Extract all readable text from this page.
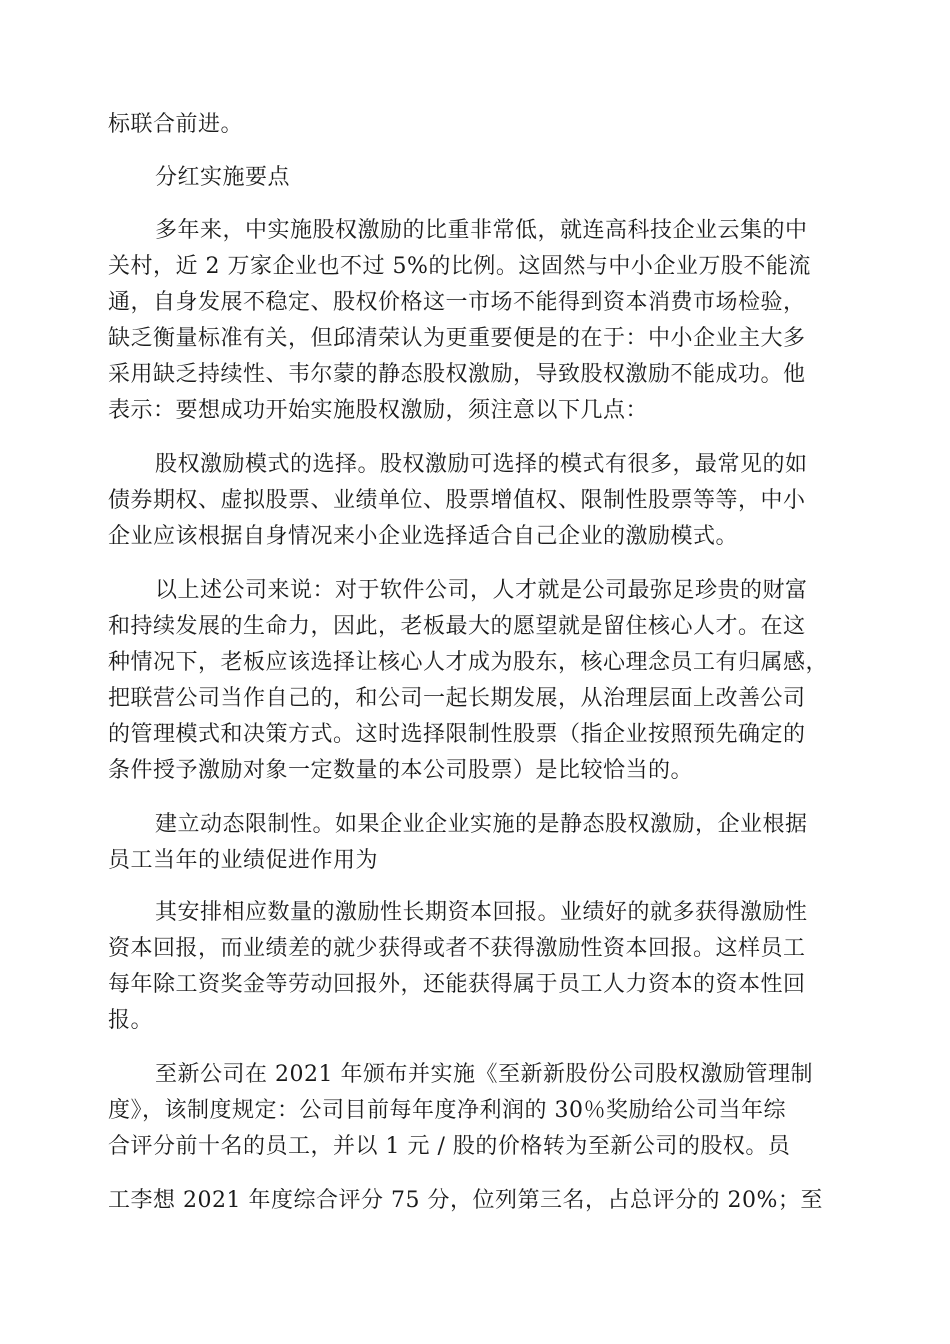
标联合前进。

分红实施要点

多年来，中实施股权激励的比重非常低，就连高科技企业云集的中

关村，近 2 万家企业也不过 5%的比例。这固然与中小企业万股不能流

通，自身发展不稳定、股权价格这一市场不能得到资本消费市场检验，

缺乏衡量标准有关，但邱清荣认为更重要便是的在于：中小企业主大多

采用缺乏持续性、韦尔蒙的静态股权激励，导致股权激励不能成功。他

表示：要想成功开始实施股权激励，须注意以下几点：

股权激励模式的选择。股权激励可选择的模式有很多，最常见的如

债券期权、虚拟股票、业绩单位、股票增值权、限制性股票等等，中小

企业应该根据自身情况来小企业选择适合自己企业的激励模式。

以上述公司来说：对于软件公司，人才就是公司最弥足珍贵的财富

和持续发展的生命力，因此，老板最大的愿望就是留住核心人才。在这

种情况下，老板应该选择让核心人才成为股东，核心理念员工有归属感，

把联营公司当作自己的，和公司一起长期发展，从治理层面上改善公司

的管理模式和决策方式。这时选择限制性股票（指企业按照预先确定的

条件授予激励对象一定数量的本公司股票）是比较恰当的。

建立动态限制性。如果企业企业实施的是静态股权激励，企业根据

员工当年的业绩促进作用为

其安排相应数量的激励性长期资本回报。业绩好的就多获得激励性

资本回报，而业绩差的就少获得或者不获得激励性资本回报。这样员工

每年除工资奖金等劳动回报外，还能获得属于员工人力资本的资本性回

报。

至新公司在 2021 年颁布并实施《至新新股份公司股权激励管理制

度》，该制度规定：公司目前每年度净利润的 30％奖励给公司当年综

合评分前十名的员工，并以 1 元 / 股的价格转为至新公司的股权。员

工李想 2021 年度综合评分 75 分，位列第三名，占总评分的 20%；至
